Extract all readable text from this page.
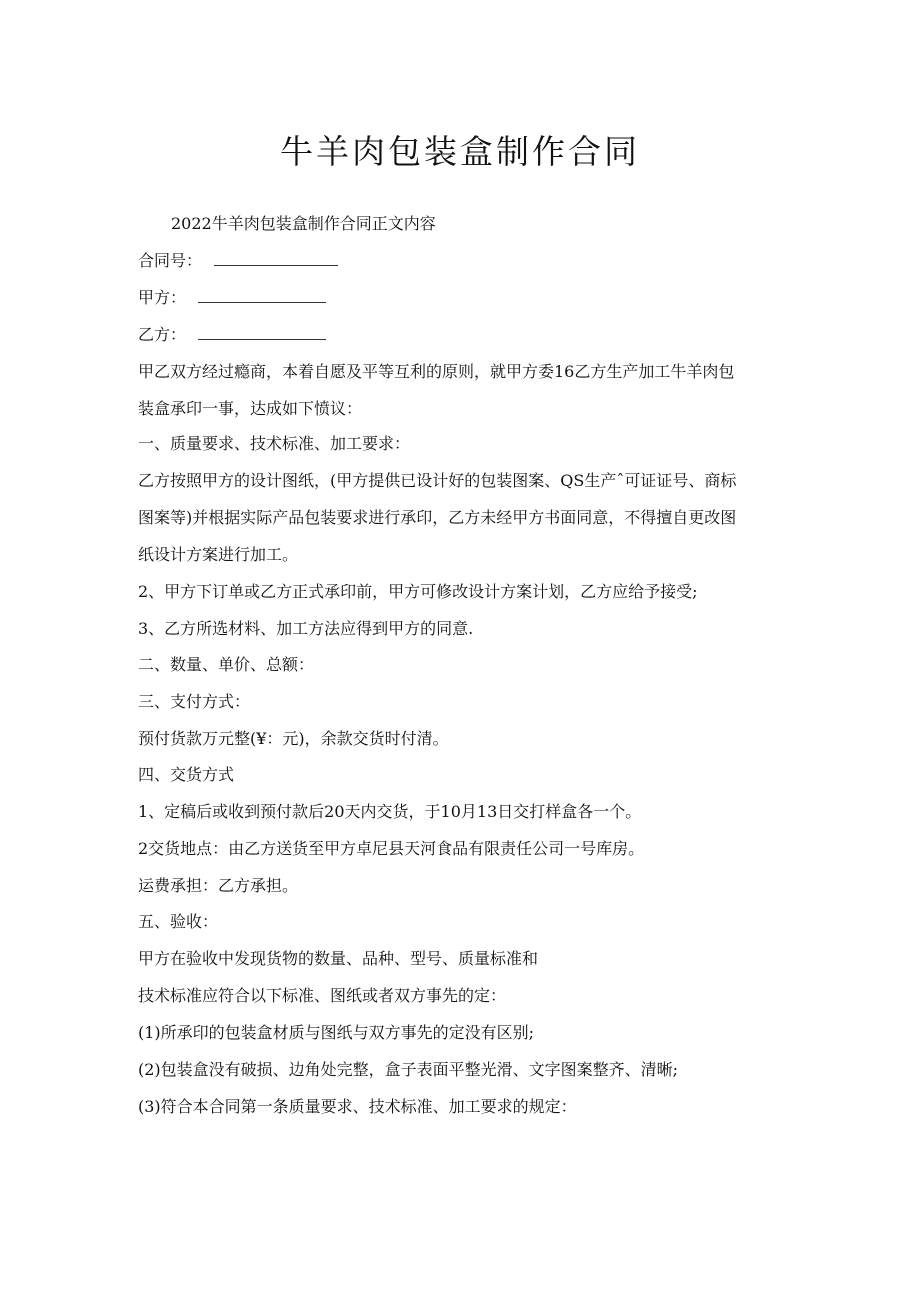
牛羊肉包装盒制作合同
2022牛羊肉包装盒制作合同正文内容
合同号：
甲方：
乙方：
甲乙双方经过瘾商，本着自愿及平等互利的原则，就甲方委16乙方生产加工牛羊肉包
装盒承印一事，达成如下愤议：
一、质量要求、技术标准、加工要求：
乙方按照甲方的设计图纸，(甲方提供已设计好的包装图案、QS生产ˆ可证证号、商标
图案等)并根据实际产品包装要求进行承印，乙方未经甲方书面同意，不得擅自更改图
纸设计方案进行加工。
2、甲方下订单或乙方正式承印前，甲方可修改设计方案计划，乙方应给予接受;
3、乙方所选材料、加工方法应得到甲方的同意.
二、数量、单价、总额：
三、支付方式：
预付货款万元整(¥：元)，余款交货时付清。
四、交货方式
1、定稿后或收到预付款后20天内交货，于10月13日交打样盒各一个。
2交货地点：由乙方送货至甲方卓尼县天河食品有限责任公司一号库房。
运费承担：乙方承担。
五、验收：
甲方在验收中发现货物的数量、品种、型号、质量标准和
技术标准应符合以下标准、图纸或者双方事先的定：
(1)所承印的包装盒材质与图纸与双方事先的定没有区别;
(2)包装盒没有破损、边角处完整，盒子表面平整光滑、文字图案整齐、清晰;
(3)符合本合同第一条质量要求、技术标准、加工要求的规定：
